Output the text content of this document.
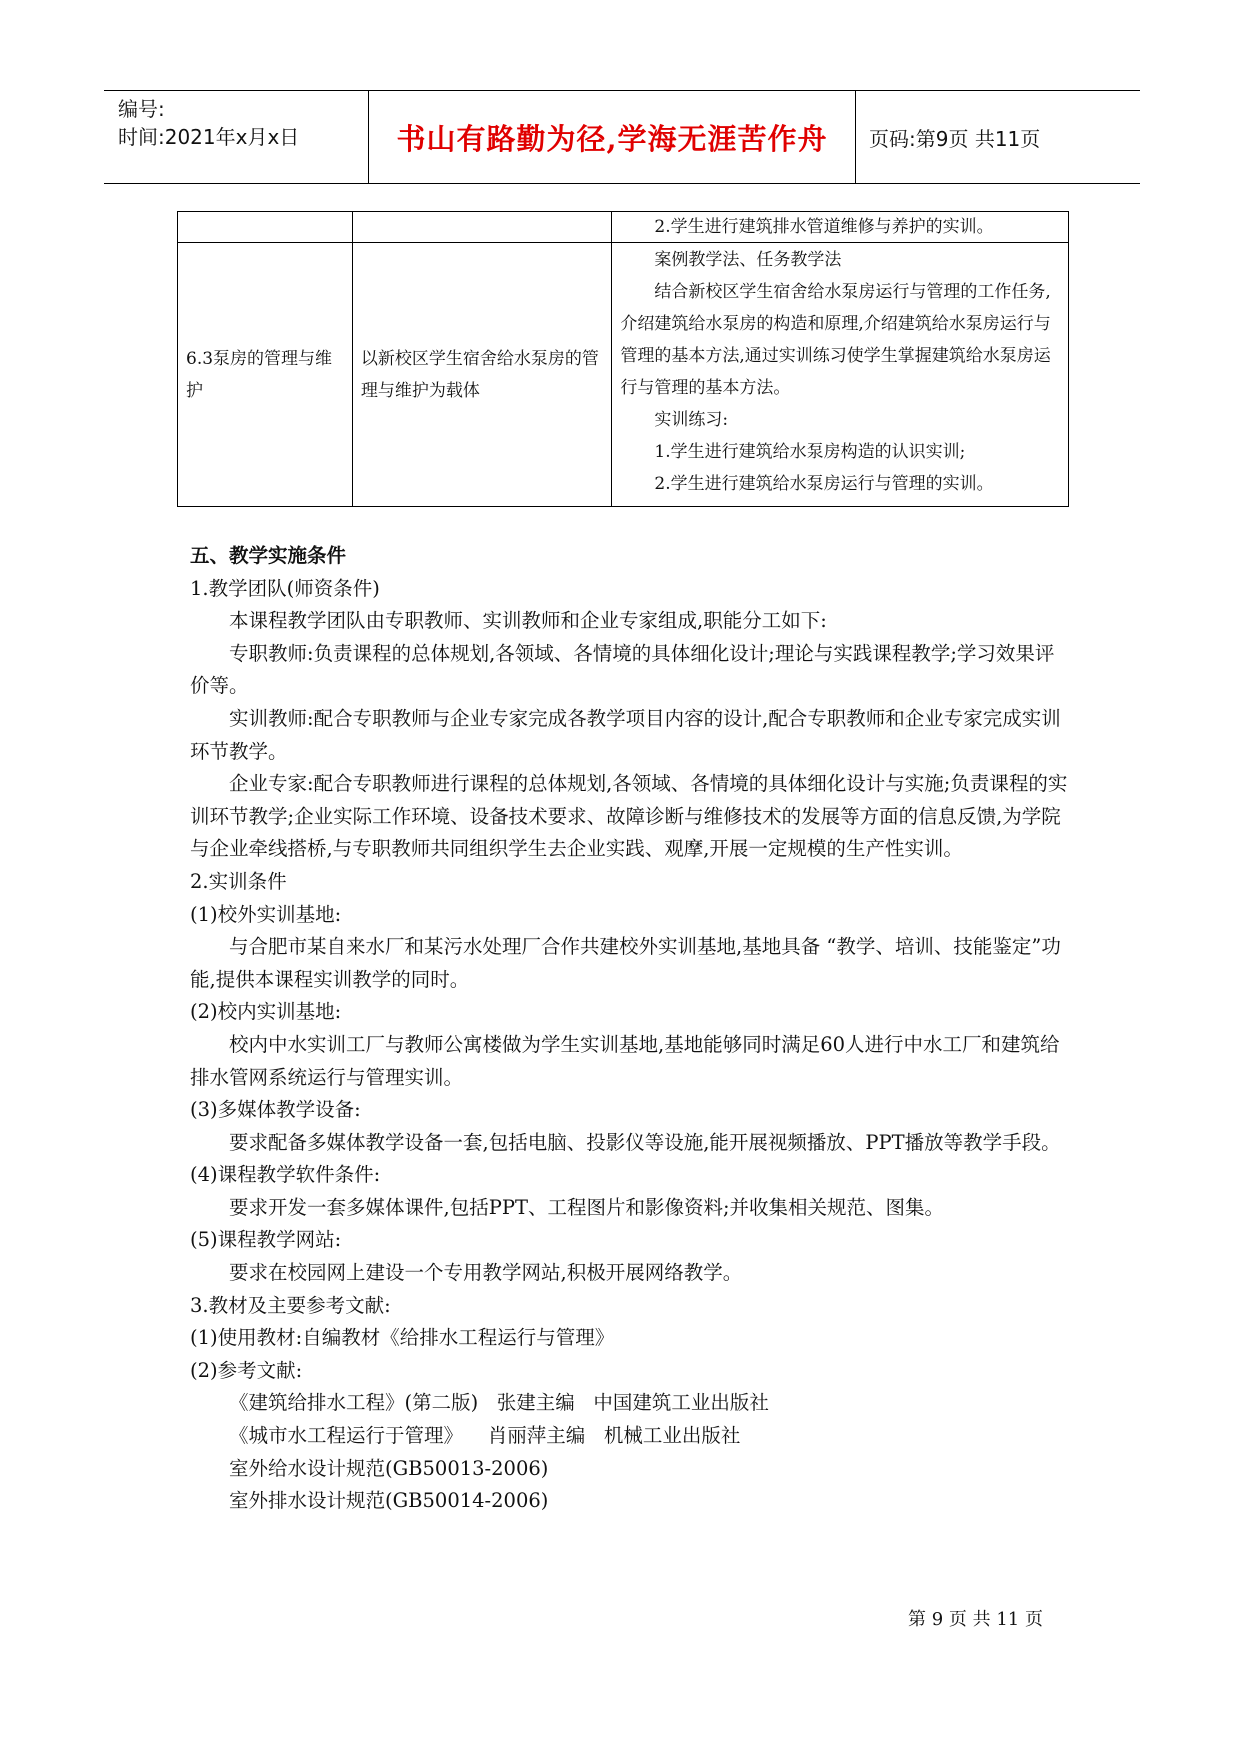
编号:
时间:2021年x月x日	书山有路勤为径,学海无涯苦作舟 页码:第9页 共11页

		2.学生进行建筑排水管道维修与养护的实训。

6.3泵房的管理与维护	以新校区学生宿舍给水泵房的管理与维护为载体	案例教学法、任务教学法

结合新校区学生宿舍给水泵房运行与管理的工作任务,介绍建筑给水泵房的构造和原理,介绍建筑给水泵房运行与管理的基本方法,通过实训练习使学生掌握建筑给水泵房运行与管理的基本方法。

实训练习:

1.学生进行建筑给水泵房构造的认识实训;

2.学生进行建筑给水泵房运行与管理的实训。

五、教学实施条件

1.教学团队(师资条件)

本课程教学团队由专职教师、实训教师和企业专家组成,职能分工如下:

专职教师:负责课程的总体规划,各领域、各情境的具体细化设计;理论与实践课程教学;学习效果评价等。

实训教师:配合专职教师与企业专家完成各教学项目内容的设计,配合专职教师和企业专家完成实训环节教学。

企业专家:配合专职教师进行课程的总体规划,各领域、各情境的具体细化设计与实施;负责课程的实训环节教学;企业实际工作环境、设备技术要求、故障诊断与维修技术的发展等方面的信息反馈,为学院与企业牵线搭桥,与专职教师共同组织学生去企业实践、观摩,开展一定规模的生产性实训。

2.实训条件

(1)校外实训基地:

与合肥市某自来水厂和某污水处理厂合作共建校外实训基地,基地具备 “教学、培训、技能鉴定”功能,提供本课程实训教学的同时。

(2)校内实训基地:

校内中水实训工厂与教师公寓楼做为学生实训基地,基地能够同时满足60人进行中水工厂和建筑给排水管网系统运行与管理实训。

(3)多媒体教学设备:

要求配备多媒体教学设备一套,包括电脑、投影仪等设施,能开展视频播放、PPT播放等教学手段。

(4)课程教学软件条件:

要求开发一套多媒体课件,包括PPT、工程图片和影像资料;并收集相关规范、图集。

(5)课程教学网站:

要求在校园网上建设一个专用教学网站,积极开展网络教学。

3.教材及主要参考文献:

(1)使用教材:自编教材《给排水工程运行与管理》

(2)参考文献:

《建筑给排水工程》(第二版)   张建主编   中国建筑工业出版社

《城市水工程运行于管理》    肖丽萍主编   机械工业出版社

室外给水设计规范(GB50013-2006)

室外排水设计规范(GB50014-2006)

第 9 页 共 11 页
